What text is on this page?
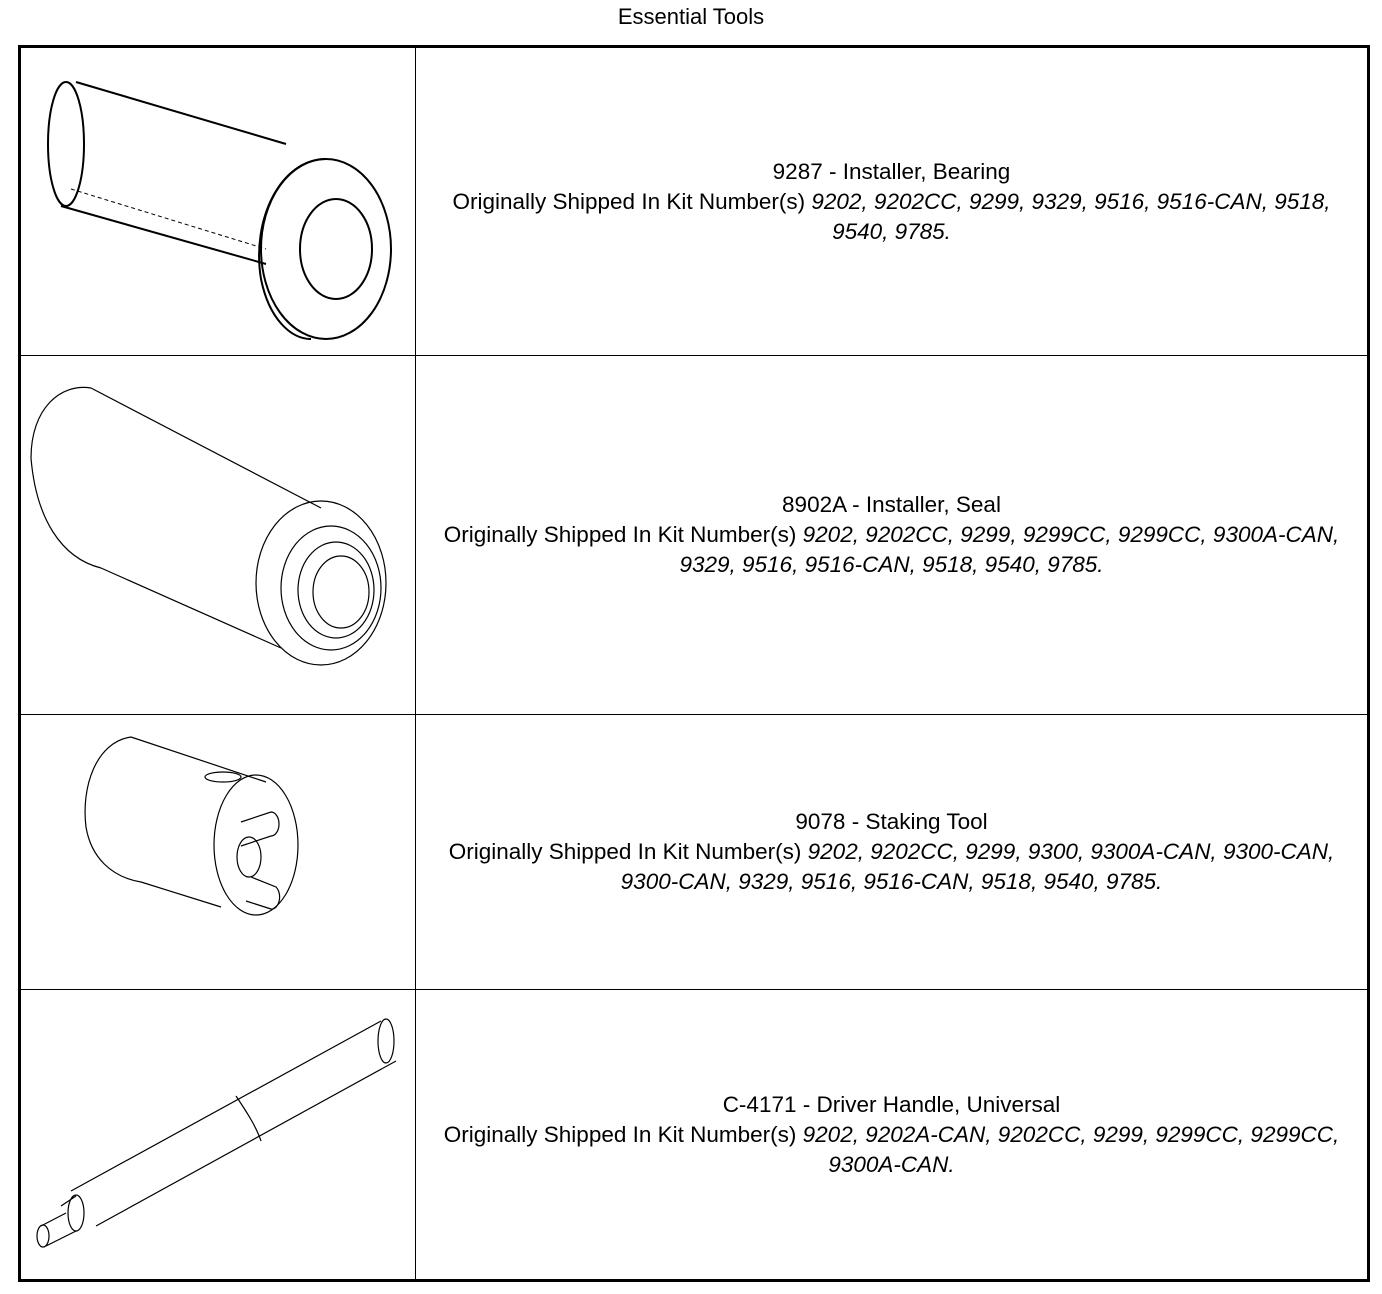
Essential Tools

9287 - Installer, Bearing
Originally Shipped In Kit Number(s) 9202, 9202CC, 9299, 9329, 9516, 9516-CAN, 9518, 9540, 9785.

8902A - Installer, Seal
Originally Shipped In Kit Number(s) 9202, 9202CC, 9299, 9299CC, 9299CC, 9300A-CAN, 9329, 9516, 9516-CAN, 9518, 9540, 9785.

9078 - Staking Tool
Originally Shipped In Kit Number(s) 9202, 9202CC, 9299, 9300, 9300A-CAN, 9300-CAN, 9300-CAN, 9329, 9516, 9516-CAN, 9518, 9540, 9785.

C-4171 - Driver Handle, Universal
Originally Shipped In Kit Number(s) 9202, 9202A-CAN, 9202CC, 9299, 9299CC, 9299CC, 9300A-CAN.
